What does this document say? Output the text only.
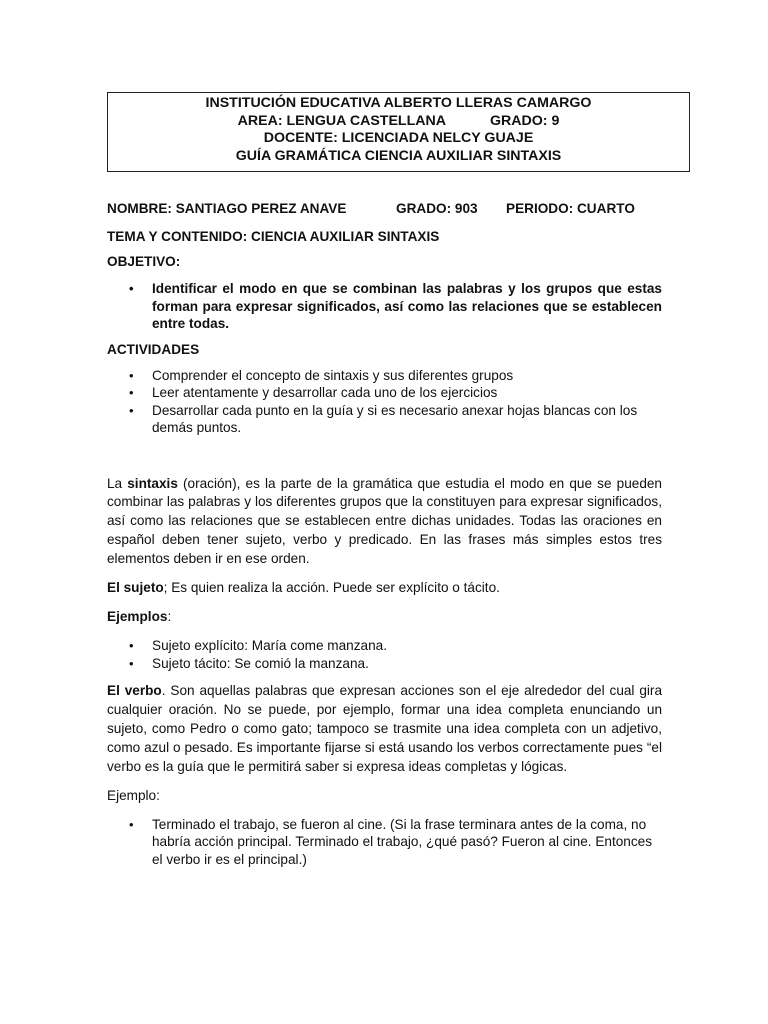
INSTITUCIÓN EDUCATIVA ALBERTO LLERAS CAMARGO
AREA: LENGUA CASTELLANA	GRADO: 9
DOCENTE: LICENCIADA NELCY GUAJE
GUÍA GRAMÁTICA CIENCIA AUXILIAR SINTAXIS
NOMBRE: SANTIAGO PEREZ ANAVE	GRADO: 903 PERIODO: CUARTO
TEMA Y CONTENIDO: CIENCIA AUXILIAR SINTAXIS
OBJETIVO:
• Identificar el modo en que se combinan las palabras y los grupos que estas forman para expresar significados, así como las relaciones que se establecen entre todas.
ACTIVIDADES
• Comprender el concepto de sintaxis y sus diferentes grupos
• Leer atentamente y desarrollar cada uno de los ejercicios
• Desarrollar cada punto en la guía y si es necesario anexar hojas blancas con los demás puntos.
La sintaxis (oración), es la parte de la gramática que estudia el modo en que se pueden combinar las palabras y los diferentes grupos que la constituyen para expresar significados, así como las relaciones que se establecen entre dichas unidades. Todas las oraciones en español deben tener sujeto, verbo y predicado. En las frases más simples estos tres elementos deben ir en ese orden.
El sujeto; Es quien realiza la acción. Puede ser explícito o tácito.
Ejemplos:
• Sujeto explícito: María come manzana.
• Sujeto tácito: Se comió la manzana.
El verbo. Son aquellas palabras que expresan acciones son el eje alrededor del cual gira cualquier oración. No se puede, por ejemplo, formar una idea completa enunciando un sujeto, como Pedro o como gato; tampoco se trasmite una idea completa con un adjetivo, como azul o pesado. Es importante fijarse si está usando los verbos correctamente pues “el verbo es la guía que le permitirá saber si expresa ideas completas y lógicas.
Ejemplo:
• Terminado el trabajo, se fueron al cine. (Si la frase terminara antes de la coma, no habría acción principal. Terminado el trabajo, ¿qué pasó? Fueron al cine. Entonces el verbo ir es el principal.)
